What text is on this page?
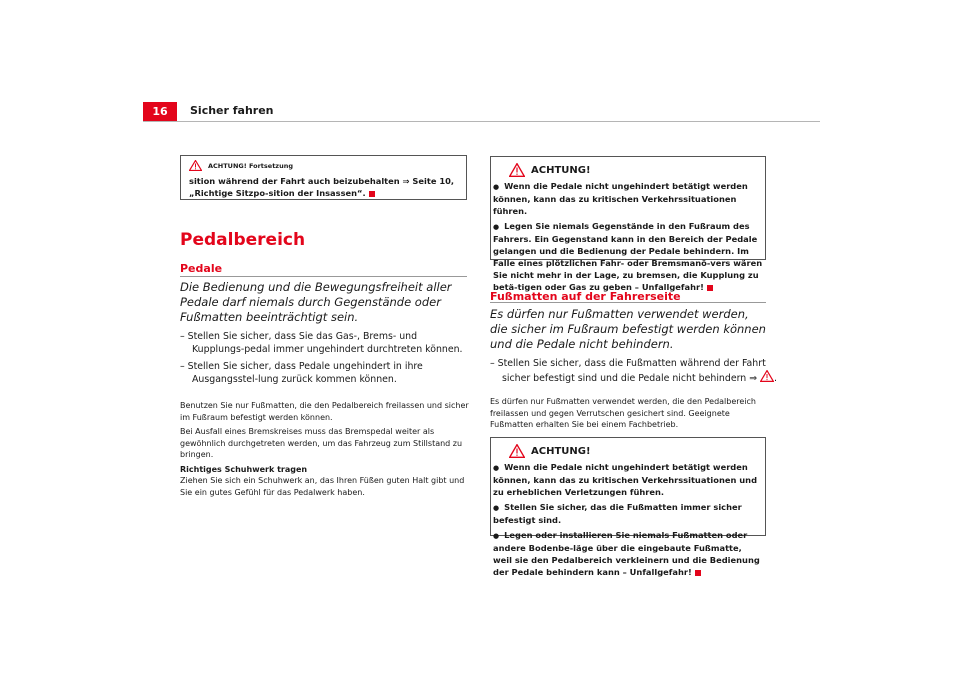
16	Sicher fahren
ACHTUNG! Fortsetzung
sition während der Fahrt auch beizubehalten ⇒ Seite 10, „Richtige Sitzpo-sition der Insassen“.
Pedalbereich
Pedale
Die Bedienung und die Bewegungsfreiheit aller Pedale darf niemals durch Gegenstände oder Fußmatten beeinträchtigt sein.
– Stellen Sie sicher, dass Sie das Gas-, Brems- und Kupplungs-pedal immer ungehindert durchtreten können.
– Stellen Sie sicher, dass Pedale ungehindert in ihre Ausgangsstel-lung zurück kommen können.
Benutzen Sie nur Fußmatten, die den Pedalbereich freilassen und sicher im Fußraum befestigt werden können.
Bei Ausfall eines Bremskreises muss das Bremspedal weiter als gewöhnlich durchgetreten werden, um das Fahrzeug zum Stillstand zu bringen.
Richtiges Schuhwerk tragen
Ziehen Sie sich ein Schuhwerk an, das Ihren Füßen guten Halt gibt und Sie ein gutes Gefühl für das Pedalwerk haben.
ACHTUNG!
● Wenn die Pedale nicht ungehindert betätigt werden können, kann das zu kritischen Verkehrssituationen führen.
● Legen Sie niemals Gegenstände in den Fußraum des Fahrers. Ein Gegenstand kann in den Bereich der Pedale gelangen und die Bedienung der Pedale behindern. Im Falle eines plötzlichen Fahr- oder Bremsmanö-vers wären Sie nicht mehr in der Lage, zu bremsen, die Kupplung zu betä-tigen oder Gas zu geben – Unfallgefahr!
Fußmatten auf der Fahrerseite
Es dürfen nur Fußmatten verwendet werden, die sicher im Fußraum befestigt werden können und die Pedale nicht behindern.
– Stellen Sie sicher, dass die Fußmatten während der Fahrt sicher befestigt sind und die Pedale nicht behindern ⇒ .
Es dürfen nur Fußmatten verwendet werden, die den Pedalbereich freilassen und gegen Verrutschen gesichert sind. Geeignete Fußmatten erhalten Sie bei einem Fachbetrieb.
ACHTUNG!
● Wenn die Pedale nicht ungehindert betätigt werden können, kann das zu kritischen Verkehrssituationen und zu erheblichen Verletzungen führen.
● Stellen Sie sicher, das die Fußmatten immer sicher befestigt sind.
● Legen oder installieren Sie niemals Fußmatten oder andere Bodenbe-läge über die eingebaute Fußmatte, weil sie den Pedalbereich verkleinern und die Bedienung der Pedale behindern kann – Unfallgefahr!
